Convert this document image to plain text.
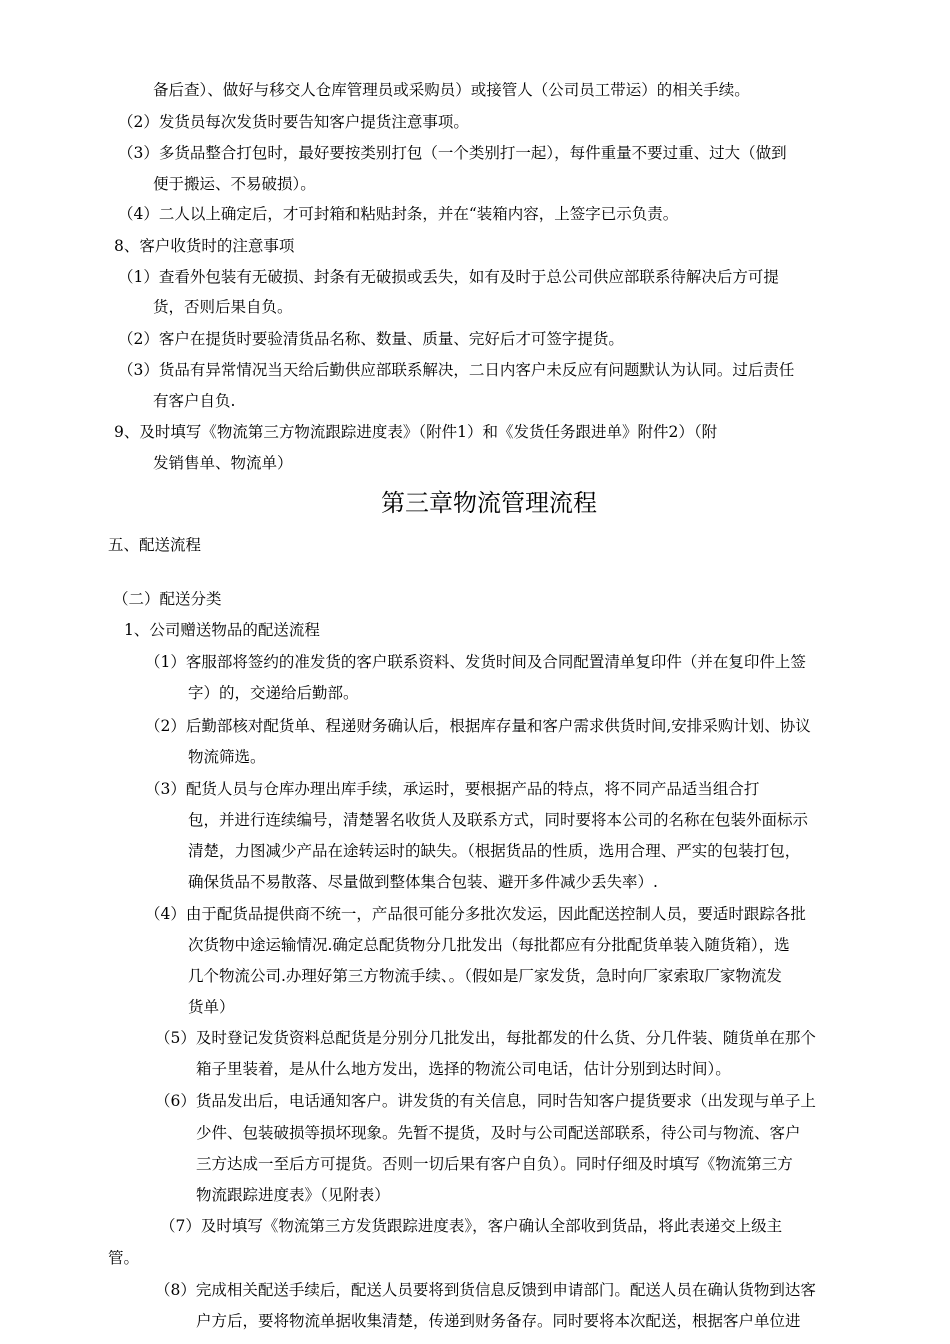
备后查）、做好与移交人仓库管理员或采购员）或接管人（公司员工带运）的相关手续。
（2）发货员每次发货时要告知客户提货注意事项。
（3）多货品整合打包时，最好要按类别打包（一个类别打一起），每件重量不要过重、过大（做到
便于搬运、不易破损）。
（4）二人以上确定后，才可封箱和粘贴封条，并在“装箱内容，上签字已示负责。
8、客户收货时的注意事项
（1）查看外包装有无破损、封条有无破损或丢失，如有及时于总公司供应部联系待解决后方可提
货，否则后果自负。
（2）客户在提货时要验清货品名称、数量、质量、完好后才可签字提货。
（3）货品有异常情况当天给后勤供应部联系解决，二日内客户未反应有问题默认为认同。过后责任
有客户自负.
9、及时填写《物流第三方物流跟踪进度表》（附件1）和《发货任务跟进单》附件2）（附
发销售单、物流单）
第三章物流管理流程
五、配送流程
（二）配送分类
1、公司赠送物品的配送流程
（1）客服部将签约的准发货的客户联系资料、发货时间及合同配置清单复印件（并在复印件上签
字）的，交递给后勤部。
（2）后勤部核对配货单、程递财务确认后，根据库存量和客户需求供货时间,安排采购计划、协议
物流筛选。
（3）配货人员与仓库办理出库手续，承运时，要根据产品的特点，将不同产品适当组合打
包，并进行连续编号，清楚署名收货人及联系方式，同时要将本公司的名称在包装外面标示
清楚，力图减少产品在途转运时的缺失。（根据货品的性质，选用合理、严实的包装打包，
确保货品不易散落、尽量做到整体集合包装、避开多件减少丢失率）.
（4）由于配货品提供商不统一，产品很可能分多批次发运，因此配送控制人员，要适时跟踪各批
次货物中途运输情况.确定总配货物分几批发出（每批都应有分批配货单装入随货箱），选
几个物流公司.办理好第三方物流手续、。（假如是厂家发货，急时向厂家索取厂家物流发
货单）
（5）及时登记发货资料总配货是分别分几批发出，每批都发的什么货、分几件装、随货单在那个
箱子里装着，是从什么地方发出，选择的物流公司电话，估计分别到达时间）。
（6）货品发出后，电话通知客户。讲发货的有关信息，同时告知客户提货要求（出发现与单子上
少件、包装破损等损坏现象。先暂不提货，及时与公司配送部联系，待公司与物流、客户
三方达成一至后方可提货。否则一切后果有客户自负）。同时仔细及时填写《物流第三方
物流跟踪进度表》（见附表）
（7）及时填写《物流第三方发货跟踪进度表》，客户确认全部收到货品，将此表递交上级主
管。
（8）完成相关配送手续后，配送人员要将到货信息反馈到申请部门。配送人员在确认货物到达客
户方后，要将物流单据收集清楚，传递到财务备存。同时要将本次配送，根据客户单位进
